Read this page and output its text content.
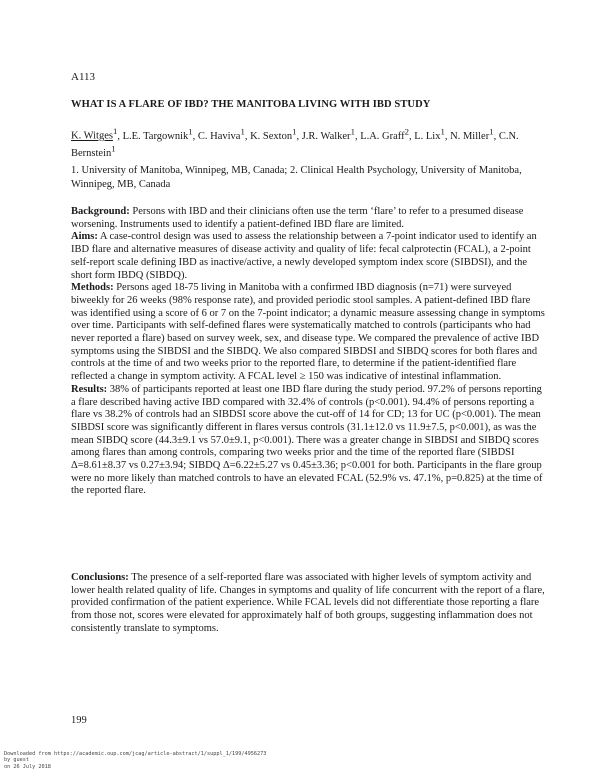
A113
WHAT IS A FLARE OF IBD? THE MANITOBA LIVING WITH IBD STUDY
K. Witges$^1$, L.E. Targownik$^1$, C. Haviva$^1$, K. Sexton$^1$, J.R. Walker$^1$, L.A. Graff$^2$, L. Lix$^1$, N. Miller$^1$, C.N. Bernstein$^1$
1. University of Manitoba, Winnipeg, MB, Canada; 2. Clinical Health Psychology, University of Manitoba, Winnipeg, MB, Canada

Background: Persons with IBD and their clinicians often use the term ‘flare’ to refer to a presumed disease worsening. Instruments used to identify a patient-defined IBD flare are limited.

Aims: A case-control design was used to assess the relationship between a 7-point indicator used to identify an IBD flare and alternative measures of disease activity and quality of life: fecal calprotectin (FCAL), a 2-point self-report scale defining IBD as inactive/active, a newly developed symptom index score (SIBDSI), and the short form IBDQ (SIBDQ).

Methods: Persons aged 18-75 living in Manitoba with a confirmed IBD diagnosis (n=71) were surveyed biweekly for 26 weeks (98% response rate), and provided periodic stool samples. A patient-defined IBD flare was identified using a score of 6 or 7 on the 7-point indicator; a dynamic measure assessing change in symptoms over time. Participants with self-defined flares were systematically matched to controls (participants who had never reported a flare) based on survey week, sex, and disease type. We compared the prevalence of active IBD symptoms using the SIBDSI and the SIBDQ. We also compared SIBDSI and SIBDQ scores for both flares and controls at the time of and two weeks prior to the reported flare, to determine if the patient-identified flare reflected a change in symptom activity. A FCAL level ≥ 150 was indicative of intestinal inflammation.

Results: 38% of participants reported at least one IBD flare during the study period. 97.2% of persons reporting a flare described having active IBD compared with 32.4% of controls (p<0.001). 94.4% of persons reporting a flare vs 38.2% of controls had an SIBDSI score above the cut-off of 14 for CD; 13 for UC (p<0.001). The mean SIBDSI score was significantly different in flares versus controls (31.1±12.0 vs 11.9±7.5, p<0.001), as was the mean SIBDQ score (44.3±9.1 vs 57.0±9.1, p<0.001). There was a greater change in SIBDSI and SIBDQ scores among flares than among controls, comparing two weeks prior and the time of the reported flare (SIBDSI Δ=8.61±8.37 vs 0.27±3.94; SIBDQ Δ=6.22±5.27 vs 0.45±3.36; p<0.001 for both. Participants in the flare group were no more likely than matched controls to have an elevated FCAL (52.9% vs. 47.1%, p=0.825) at the time of the reported flare.

Conclusions: The presence of a self-reported flare was associated with higher levels of symptom activity and lower health related quality of life. Changes in symptoms and quality of life concurrent with the report of a flare, provided confirmation of the patient experience. While FCAL levels did not differentiate those reporting a flare from those not, scores were elevated for approximately half of both groups, suggesting inflammation does not consistently translate to symptoms.

199
Downloaded from https://academic.oup.com/jcag/article-abstract/1/suppl_1/199/4956273
by guest
on 26 July 2018
